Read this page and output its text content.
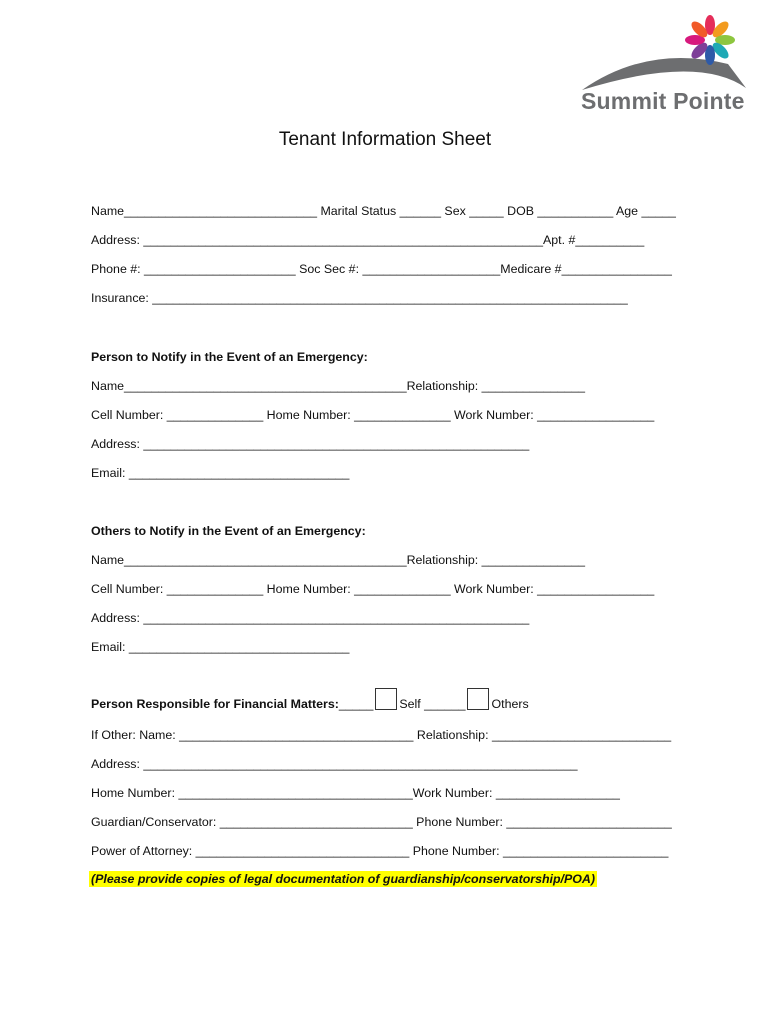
Summit Pointe
Tenant Information Sheet
Name____________________________ Marital Status ______ Sex _____ DOB ___________ Age _____
Address: __________________________________________________________Apt. #__________
Phone #: ______________________ Soc Sec #: ____________________Medicare #________________
Insurance: _____________________________________________________________________
Person to Notify in the Event of an Emergency:
Name_________________________________________Relationship: _______________
Cell Number: ______________ Home Number: ______________ Work Number: _________________
Address: ________________________________________________________
Email: ________________________________
Others to Notify in the Event of an Emergency:
Name_________________________________________Relationship: _______________
Cell Number: ______________ Home Number: ______________ Work Number: _________________
Address: ________________________________________________________
Email: ________________________________
Person Responsible for Financial Matters: _____ Self ______ Others
If Other: Name: __________________________________ Relationship: __________________________
Address: _______________________________________________________________
Home Number: __________________________________Work Number: __________________
Guardian/Conservator: ____________________________ Phone Number: ________________________
Power of Attorney: _______________________________ Phone Number: ________________________
(Please provide copies of legal documentation of guardianship/conservatorship/POA)
